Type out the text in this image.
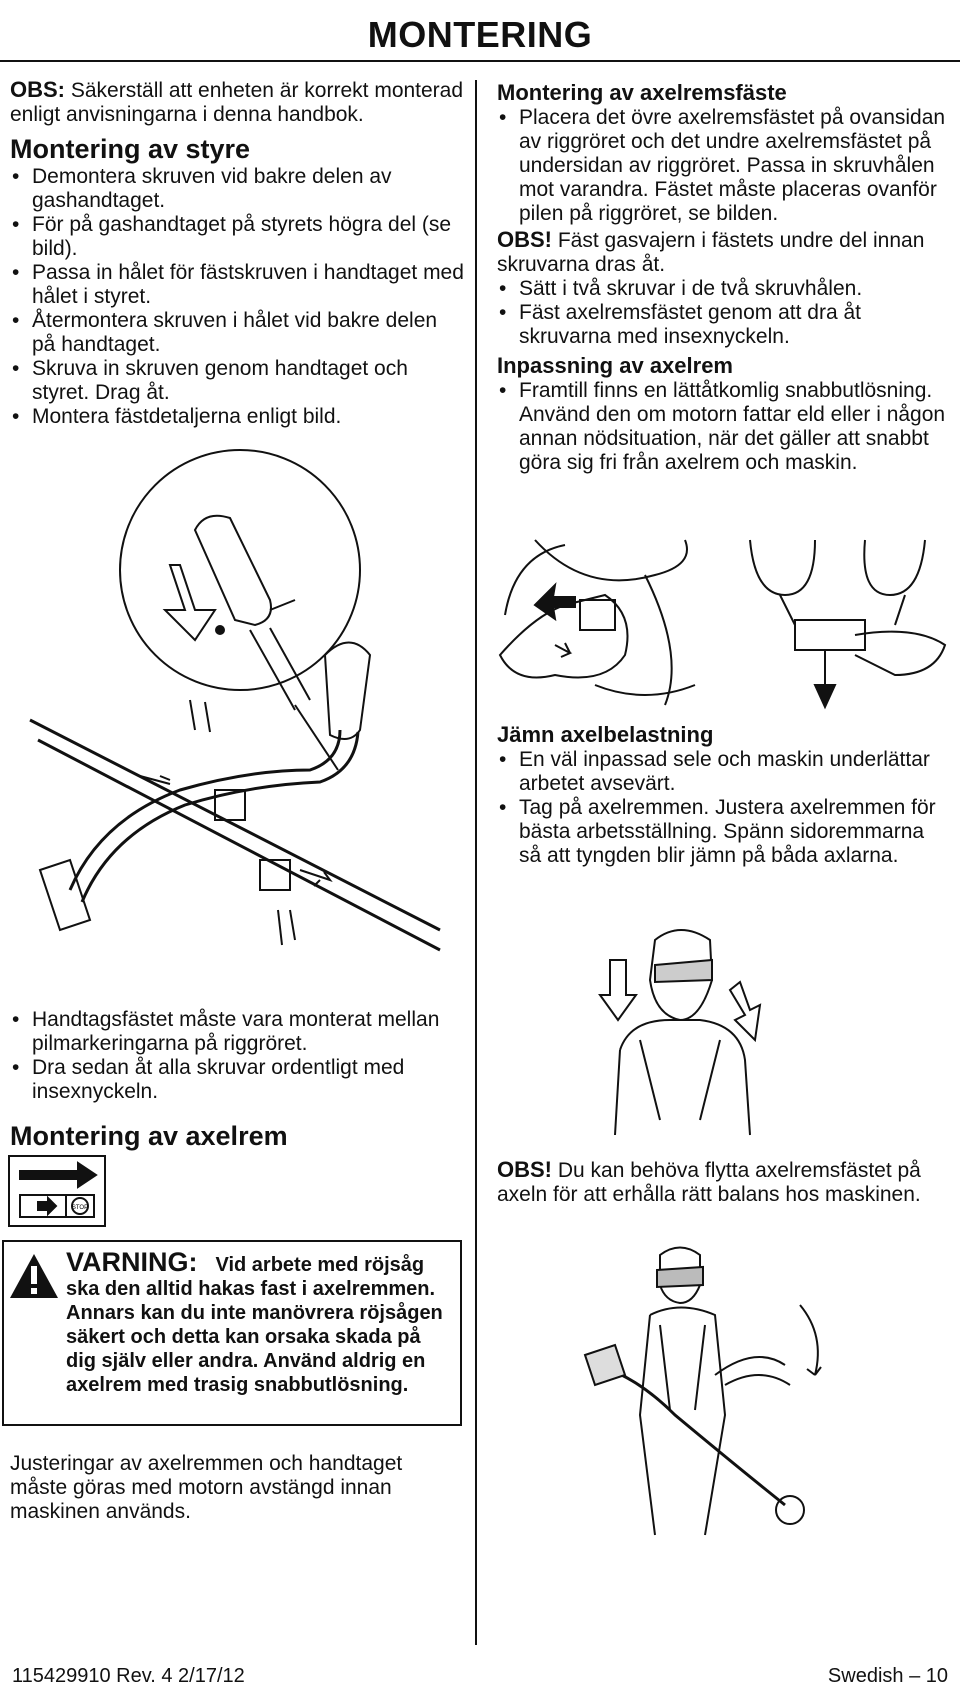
MONTERING

OBS: Säkerställ att enheten är korrekt monterad enligt anvisningarna i denna handbok.

Montering av styre
• Demontera skruven vid bakre delen av gashandtaget.
• För på gashandtaget på styrets högra del (se bild).
• Passa in hålet för fästskruven i handtaget med hålet i styret.
• Återmontera skruven i hålet vid bakre delen på handtaget.
• Skruva in skruven genom handtaget och styret. Drag åt.
• Montera fästdetaljerna enligt bild.
• Handtagsfästet måste vara monterat mellan pilmarkeringarna på riggröret.
• Dra sedan åt alla skruvar ordentligt med insexnyckeln.
Montering av axelrem
STOP
VARNING: Vid arbete med röjsåg ska den alltid hakas fast i axelremmen. Annars kan du inte manövrera röjsågen säkert och detta kan orsaka skada på dig själv eller andra. Använd aldrig en axelrem med trasig snabbutlösning.

Justeringar av axelremmen och handtaget måste göras med motorn avstängd innan maskinen används.

Montering av axelremsfäste
• Placera det övre axelremsfästet på ovansidan av riggröret och det undre axelremsfästet på undersidan av riggröret. Passa in skruvhålen mot varandra. Fästet måste placeras ovanför pilen på riggröret, se bilden.

OBS! Fäst gasvajern i fästets undre del innan skruvarna dras åt.

• Sätt i två skruvar i de två skruvhålen.
• Fäst axelremsfästet genom att dra åt skruvarna med insexnyckeln.
Inpassning av axelrem
• Framtill finns en lättåtkomlig snabbutlösning. Använd den om motorn fattar eld eller i någon annan nödsituation, när det gäller att snabbt göra sig fri från axelrem och maskin.
Jämn axelbelastning
• En väl inpassad sele och maskin underlättar arbetet avsevärt.
• Tag på axelremmen. Justera axelremmen för bästa arbetsställning. Spänn sidoremmarna så att tyngden blir jämn på båda axlarna.

OBS! Du kan behöva flytta axelremsfästet på axeln för att erhålla rätt balans hos maskinen.

115429910 Rev. 4 2/17/12	Swedish – 10
